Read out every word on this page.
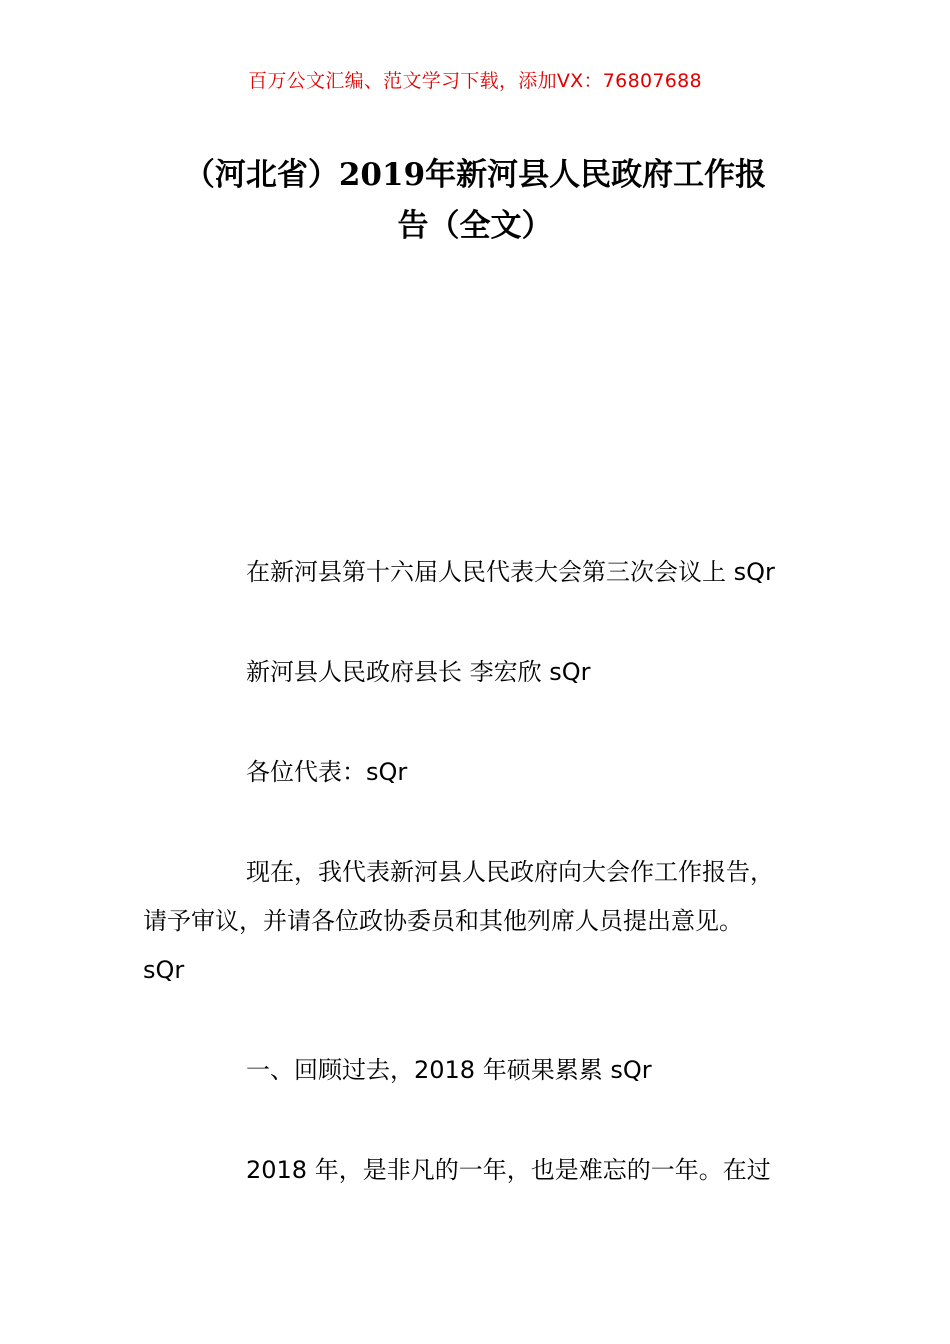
百万公文汇编、范文学习下载，添加VX：76807688
（河北省）2019年新河县人民政府工作报
告（全文）

在新河县第十六届人民代表大会第三次会议上 sQr

新河县人民政府县长 李宏欣 sQr

各位代表：sQr

现在，我代表新河县人民政府向大会作工作报告，

请予审议，并请各位政协委员和其他列席人员提出意见。

sQr

一、回顾过去，2018 年硕果累累 sQr

2018 年，是非凡的一年，也是难忘的一年。在过
